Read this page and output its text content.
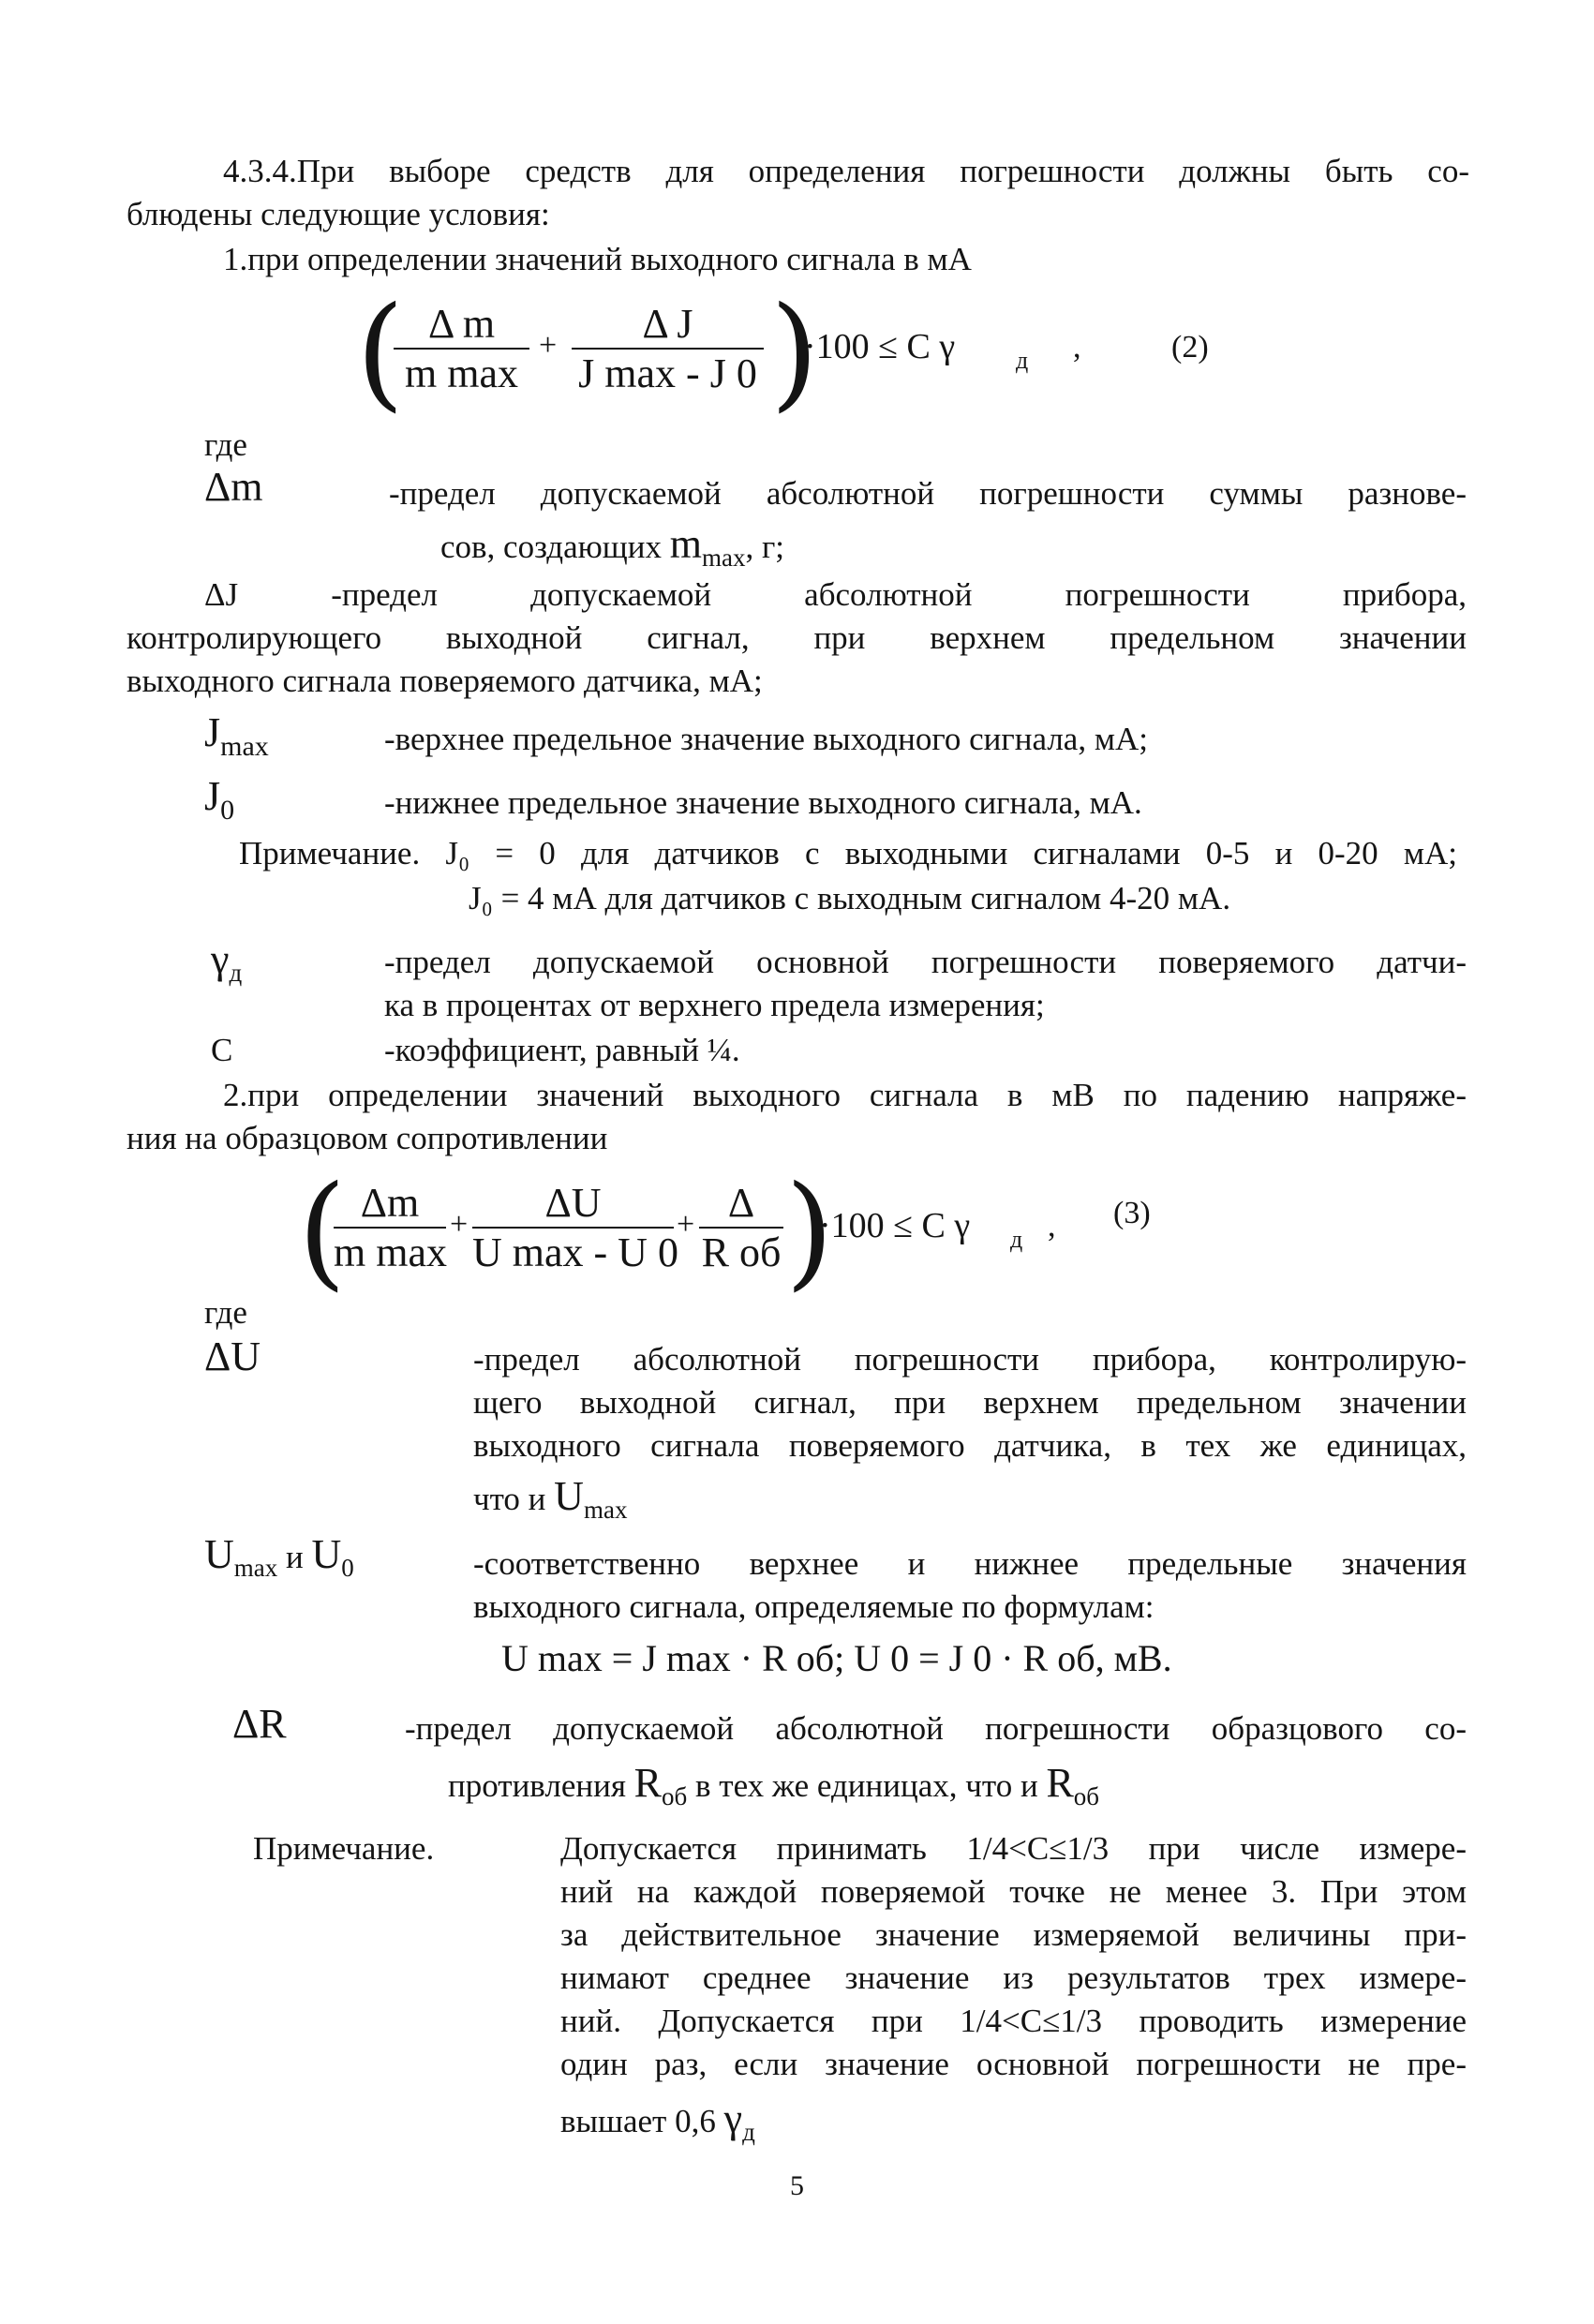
4.3.4.При выборе средств для определения погрешности должны быть со-
блюдены следующие условия:
1.при определении значений выходного сигнала в мА
( Δ m
m max
+	Δ J
J max - J 0 )
·100 ≤ C γ д ,	(2)
где
Δm	-предел допускаемой абсолютной погрешности суммы разнове-
сов, создающих $m_{max}$, г;
ΔJ -предел допускаемой абсолютной погрешности прибора,
контролирующего выходной сигнал, при верхнем предельном значении
выходного сигнала поверяемого датчика, мА;
$J_{max}$	-верхнее предельное значение выходного сигнала, мА;
$J_0$	-нижнее предельное значение выходного сигнала, мА.
Примечание. J₀ = 0 для датчиков с выходными сигналами 0-5 и 0-20 мА;
J₀ = 4 мА для датчиков с выходным сигналом 4-20 мА.
$\gamma_д$	-предел допускаемой основной погрешности поверяемого датчи-
ка в процентах от верхнего предела измерения;
С	-коэффициент, равный ¼.
2.при определении значений выходного сигнала в мВ по падению напряже-
ния на образцовом сопротивлении
( Δm
m max
+	ΔU
U max - U 0
+ Δ
R об )
·100 ≤ C γ д , (3)
где
ΔU	-предел абсолютной погрешности прибора, контролирую-
щего выходной сигнал, при верхнем предельном значении
выходного сигнала поверяемого датчика, в тех же единицах,
что и $U_{max}$
$U_{max}$ и $U_0$	-соответственно верхнее и нижнее предельные значения
выходного сигнала, определяемые по формулам:
U max = J max · R об; U 0 = J 0 · R об, мВ.
ΔR	-предел допускаемой абсолютной погрешности образцового со-
противления $R_{об}$ в тех же единицах, что и $R_{об}$
Примечание.	Допускается принимать 1/4<С≤1/3 при числе измере-
ний на каждой поверяемой точке не менее 3. При этом
за действительное значение измеряемой величины при-
нимают среднее значение из результатов трех измере-
ний. Допускается при 1/4<С≤1/3 проводить измерение
один раз, если значение основной погрешности не пре-
вышает 0,6 $\gamma_д$
5
